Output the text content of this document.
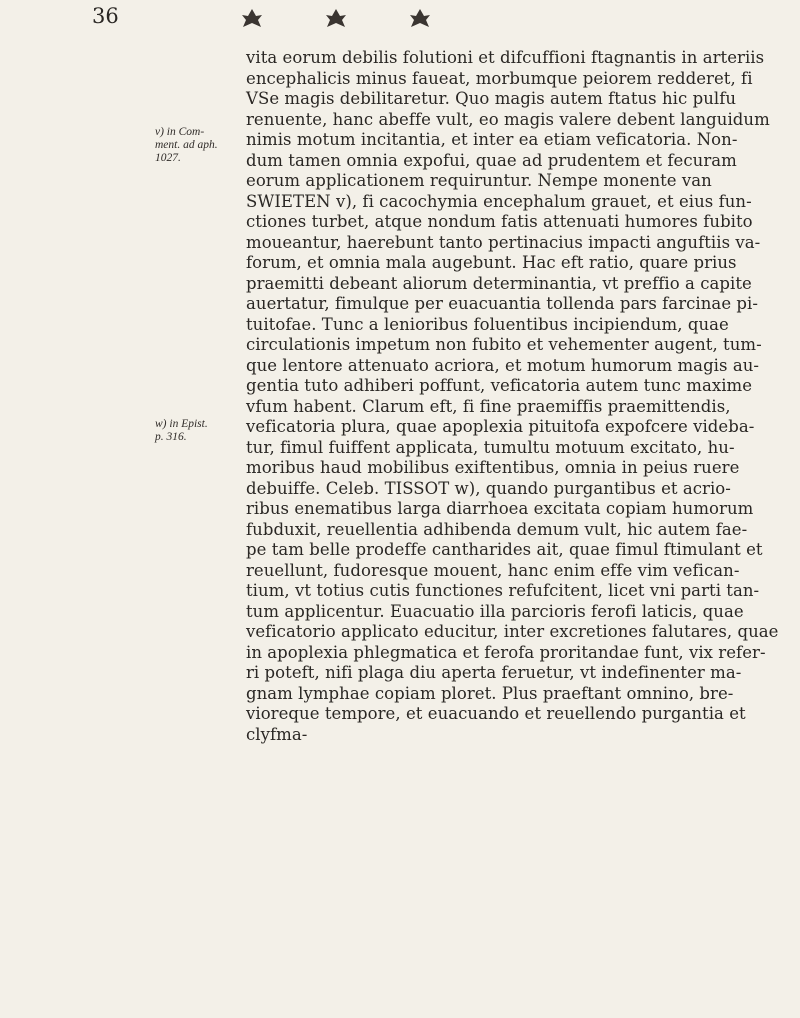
36
v) in Com-
ment. ad aph.
1027.
w) in Epist.
p. 316.
vita eorum debilis folutioni et difcuffioni ftagnantis in arteriis
encephalicis minus faueat, morbumque peiorem redderet, fi
VSe magis debilitaretur. Quo magis autem ftatus hic pulfu
renuente, hanc abeffe vult, eo magis valere debent languidum
nimis motum incitantia, et inter ea etiam veficatoria. Non-
dum tamen omnia expofui, quae ad prudentem et fecuram
eorum applicationem requiruntur. Nempe monente van
SWIETEN v), fi cacochymia encephalum grauet, et eius fun-
ctiones turbet, atque nondum fatis attenuati humores fubito
moueantur, haerebunt tanto pertinacius impacti anguftiis va-
forum, et omnia mala augebunt. Hac eft ratio, quare prius
praemitti debeant aliorum determinantia, vt preffio a capite
auertatur, fimulque per euacuantia tollenda pars farcinae pi-
tuitofae. Tunc a lenioribus foluentibus incipiendum, quae
circulationis impetum non fubito et vehementer augent, tum-
que lentore attenuato acriora, et motum humorum magis au-
gentia tuto adhiberi poffunt, veficatoria autem tunc maxime
vfum habent. Clarum eft, fi fine praemiffis praemittendis,
veficatoria plura, quae apoplexia pituitofa expofcere videba-
tur, fimul fuiffent applicata, tumultu motuum excitato, hu-
moribus haud mobilibus exiftentibus, omnia in peius ruere
debuiffe. Celeb. TISSOT w), quando purgantibus et acrio-
ribus enematibus larga diarrhoea excitata copiam humorum
fubduxit, reuellentia adhibenda demum vult, hic autem fae-
pe tam belle prodeffe cantharides ait, quae fimul ftimulant et
reuellunt, fudoresque mouent, hanc enim effe vim vefican-
tium, vt totius cutis functiones refufcitent, licet vni parti tan-
tum applicentur. Euacuatio illa parcioris ferofi laticis, quae
veficatorio applicato educitur, inter excretiones falutares, quae
in apoplexia phlegmatica et ferofa proritandae funt, vix refer-
ri poteft, nifi plaga diu aperta feruetur, vt indefinenter ma-
gnam lymphae copiam ploret. Plus praeftant omnino, bre-
vioreque tempore, et euacuando et reuellendo purgantia et
clyfma-
